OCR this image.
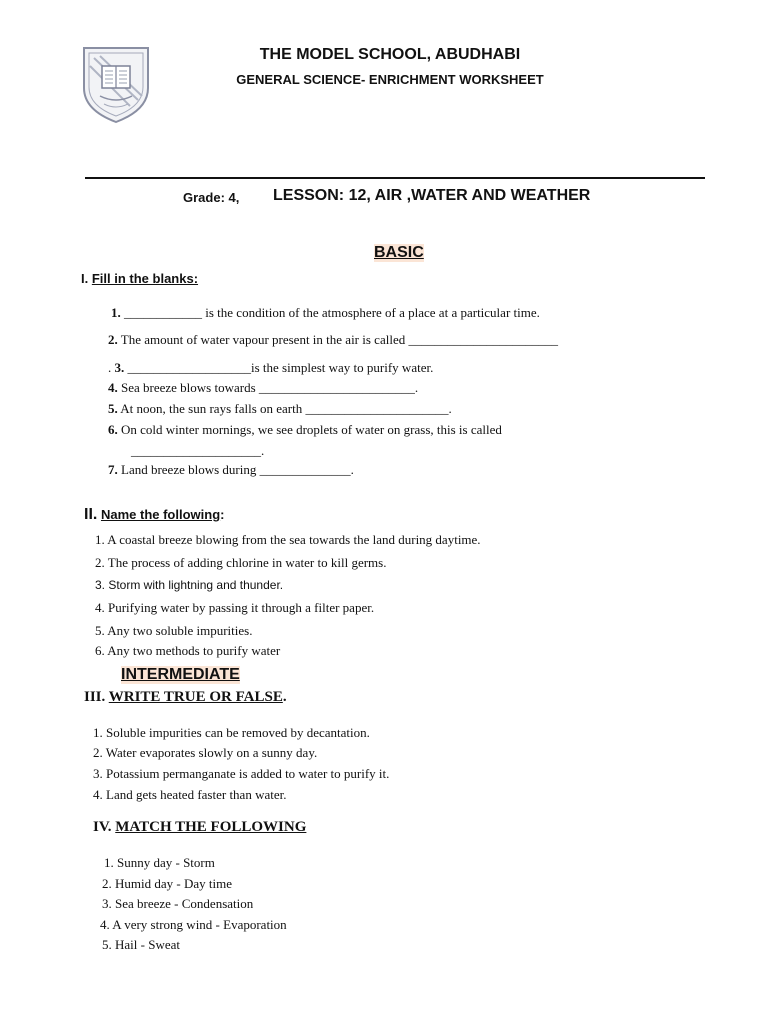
THE MODEL SCHOOL, ABUDHABI
GENERAL SCIENCE- ENRICHMENT WORKSHEET
Grade: 4, LESSON: 12, AIR ,WATER AND WEATHER
BASIC
I. Fill in the blanks:
1. ____________ is the condition of the atmosphere of a place at a particular time.
2. The amount of water vapour present in the air is called _______________________
. 3. ___________________is the simplest way to purify water.
4. Sea breeze blows towards ________________________.
5. At noon, the sun rays falls on earth ______________________.
6. On cold winter mornings, we see droplets of water on grass, this is called
____________________.
7. Land breeze blows during ______________.
II. Name the following:
1. A coastal breeze blowing from the sea towards the land during daytime.
2. The process of adding chlorine in water to kill germs.
3. Storm with lightning and thunder.
4. Purifying water by passing it through a filter paper.
5. Any two soluble impurities.
6. Any two methods to purify water
INTERMEDIATE
III. WRITE TRUE OR FALSE.
1. Soluble impurities can be removed by decantation.
2. Water evaporates slowly on a sunny day.
3. Potassium permanganate is added to water to purify it.
4. Land gets heated faster than water.
IV. MATCH THE FOLLOWING
1. Sunny day - Storm
2. Humid day - Day time
3. Sea breeze - Condensation
4. A very strong wind - Evaporation
5. Hail - Sweat
